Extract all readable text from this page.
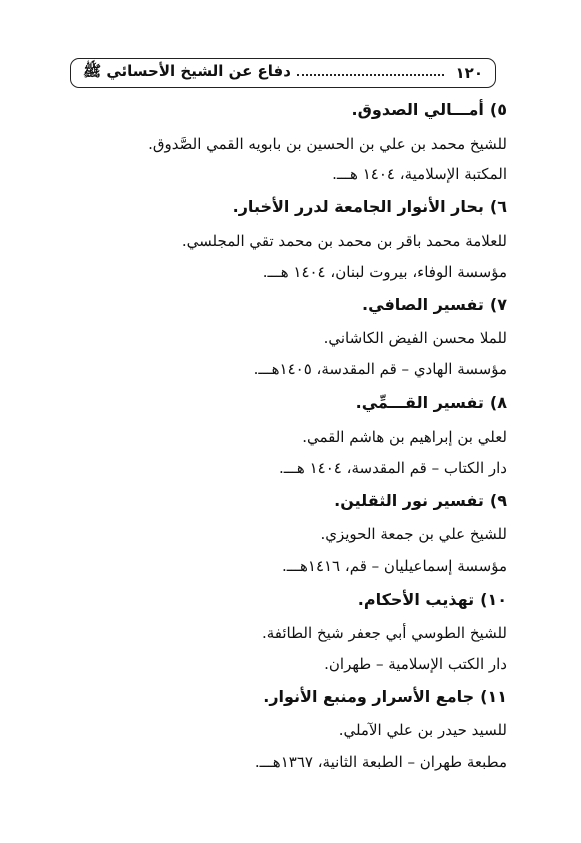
١٢٠
دفاع عن الشيخ الأحسائي ﷺ
٥)أمـــالي الصدوق.
للشيخ محمد بن علي بن الحسين بن بابويه القمي الصَّدوق.
المكتبة الإسلامية، ١٤٠٤ هـــ.
٦)بحار الأنوار الجامعة لدرر الأخبار.
للعلامة محمد باقر بن محمد بن محمد تقي المجلسي.
مؤسسة الوفاء، بيروت لبنان، ١٤٠٤ هـــ.
٧)تفسير الصافي.
للملا محسن الفيض الكاشاني.
مؤسسة الهادي – قم المقدسة، ١٤٠٥هـــ.
٨)تفسير القـــمِّي.
لعلي بن إبراهيم بن هاشم القمي.
دار الكتاب – قم المقدسة، ١٤٠٤ هـــ.
٩)تفسير نور الثقلين.
للشيخ علي بن جمعة الحويزي.
مؤسسة إسماعيليان – قم، ١٤١٦هـــ.
١٠)تهذيب الأحكام.
للشيخ الطوسي أبي جعفر شيخ الطائفة.
دار الكتب الإسلامية – طهران.
١١)جامع الأسرار ومنبع الأنوار.
للسيد حيدر بن علي الآملي.
مطبعة طهران – الطبعة الثانية، ١٣٦٧هـــ.
